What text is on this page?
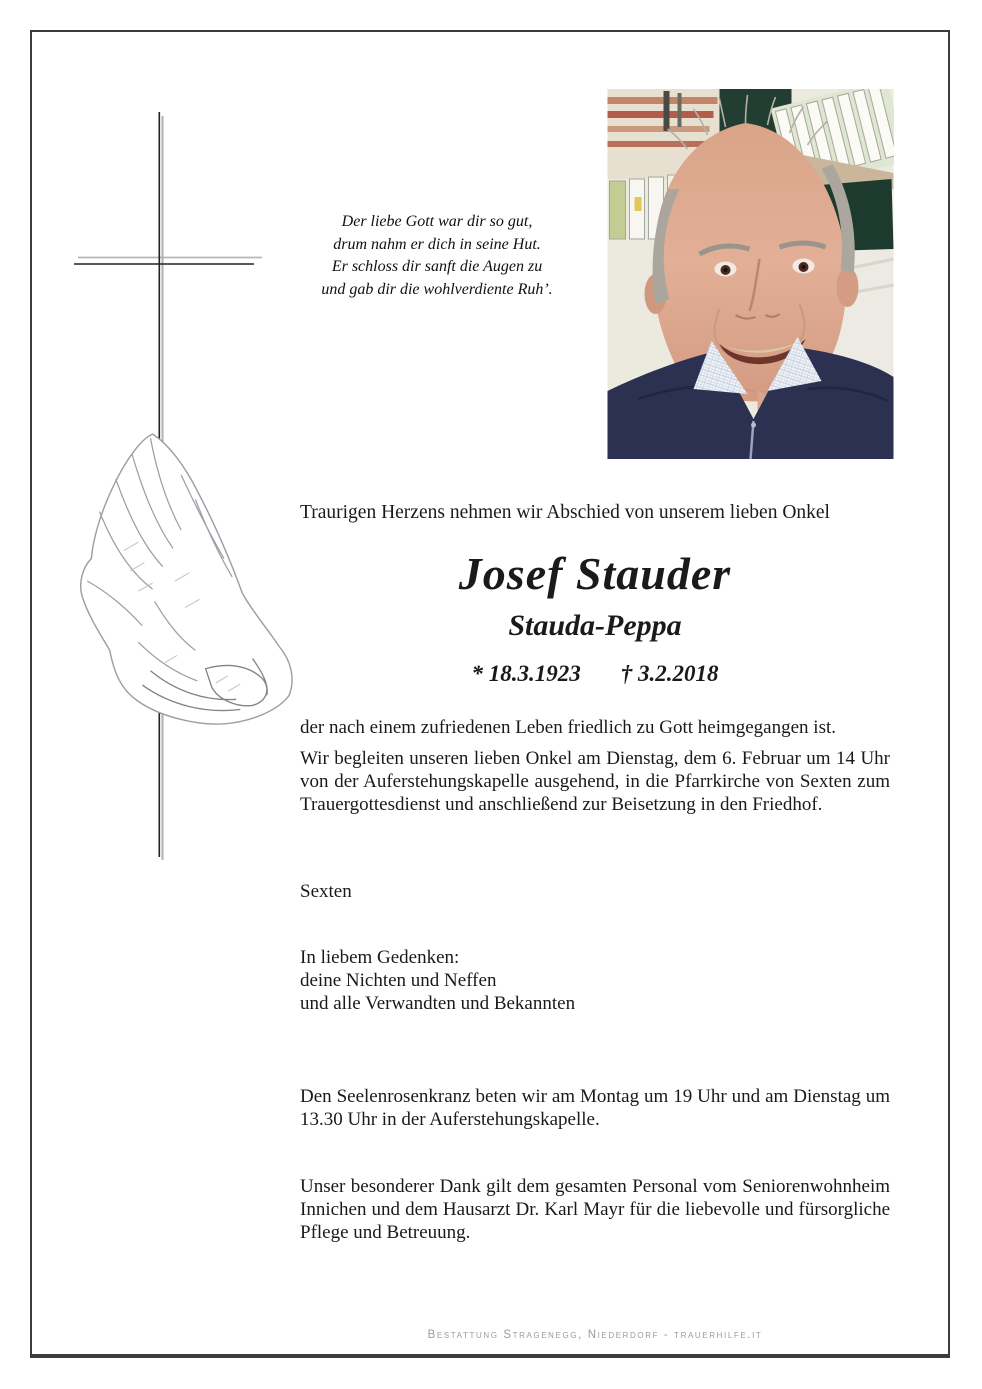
Der liebe Gott war dir so gut,
drum nahm er dich in seine Hut.
Er schloss dir sanft die Augen zu
und gab dir die wohlverdiente Ruh’.
Traurigen Herzens nehmen wir Abschied von unserem lieben Onkel
Josef Stauder
Stauda-Peppa
* 18.3.1923 † 3.2.2018
der nach einem zufriedenen Leben friedlich zu Gott heimgegangen ist.
Wir begleiten unseren lieben Onkel am Dienstag, dem 6. Februar um 14 Uhr von der Auferstehungskapelle ausgehend, in die Pfarrkirche von Sexten zum Trauergottesdienst und anschließend zur Beisetzung in den Friedhof.
Sexten
In liebem Gedenken:
deine Nichten und Neffen
und alle Verwandten und Bekannten
Den Seelenrosenkranz beten wir am Montag um 19 Uhr und am Dienstag um 13.30 Uhr in der Auferstehungskapelle.
Unser besonderer Dank gilt dem gesamten Personal vom Seniorenwohnheim Innichen und dem Hausarzt Dr. Karl Mayr für die liebevolle und fürsorgliche Pflege und Betreuung.
Bestattung Stragenegg, Niederdorf - trauerhilfe.it
